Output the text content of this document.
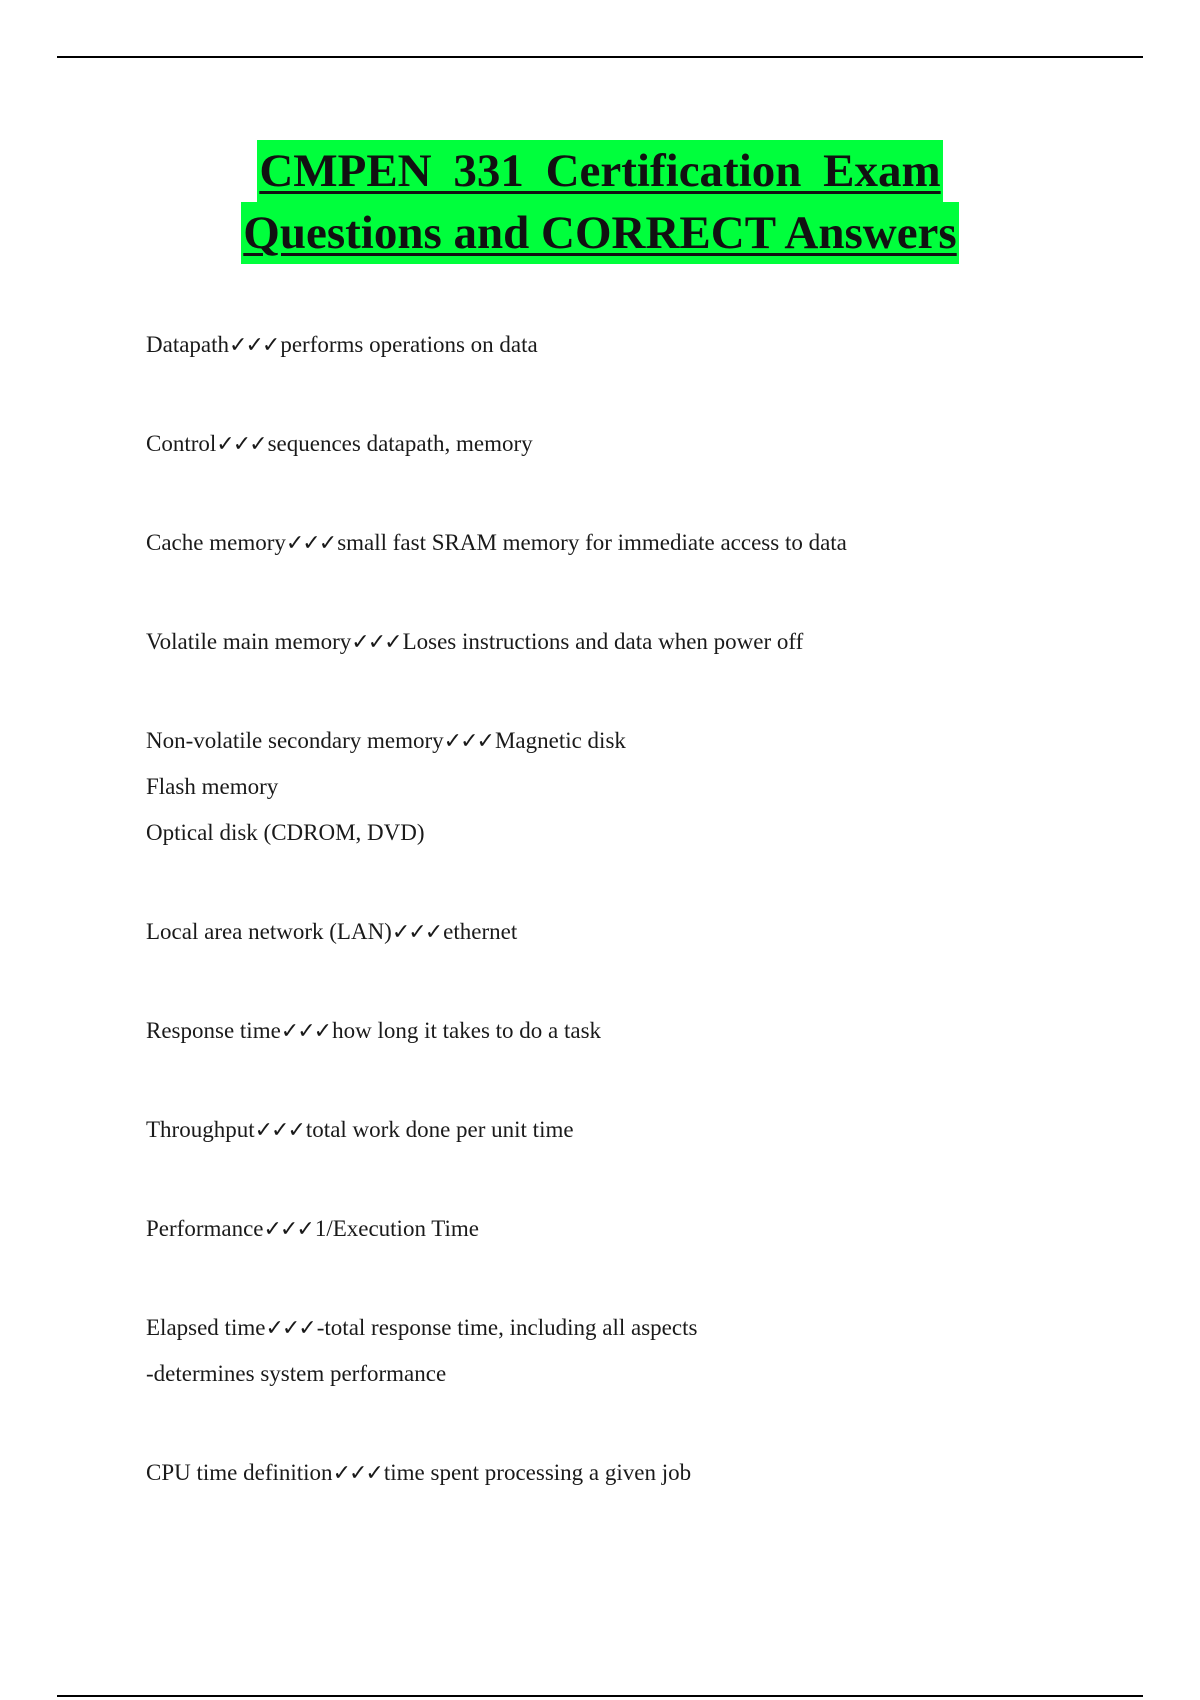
CMPEN 331 Certification Exam
Questions and CORRECT Answers
Datapath✓✓✓performs operations on data
Control✓✓✓sequences datapath, memory
Cache memory✓✓✓small fast SRAM memory for immediate access to data
Volatile main memory✓✓✓Loses instructions and data when power off
Non-volatile secondary memory✓✓✓Magnetic disk
Flash memory
Optical disk (CDROM, DVD)
Local area network (LAN)✓✓✓ethernet
Response time✓✓✓how long it takes to do a task
Throughput✓✓✓total work done per unit time
Performance✓✓✓1/Execution Time
Elapsed time✓✓✓-total response time, including all aspects
-determines system performance
CPU time definition✓✓✓time spent processing a given job
